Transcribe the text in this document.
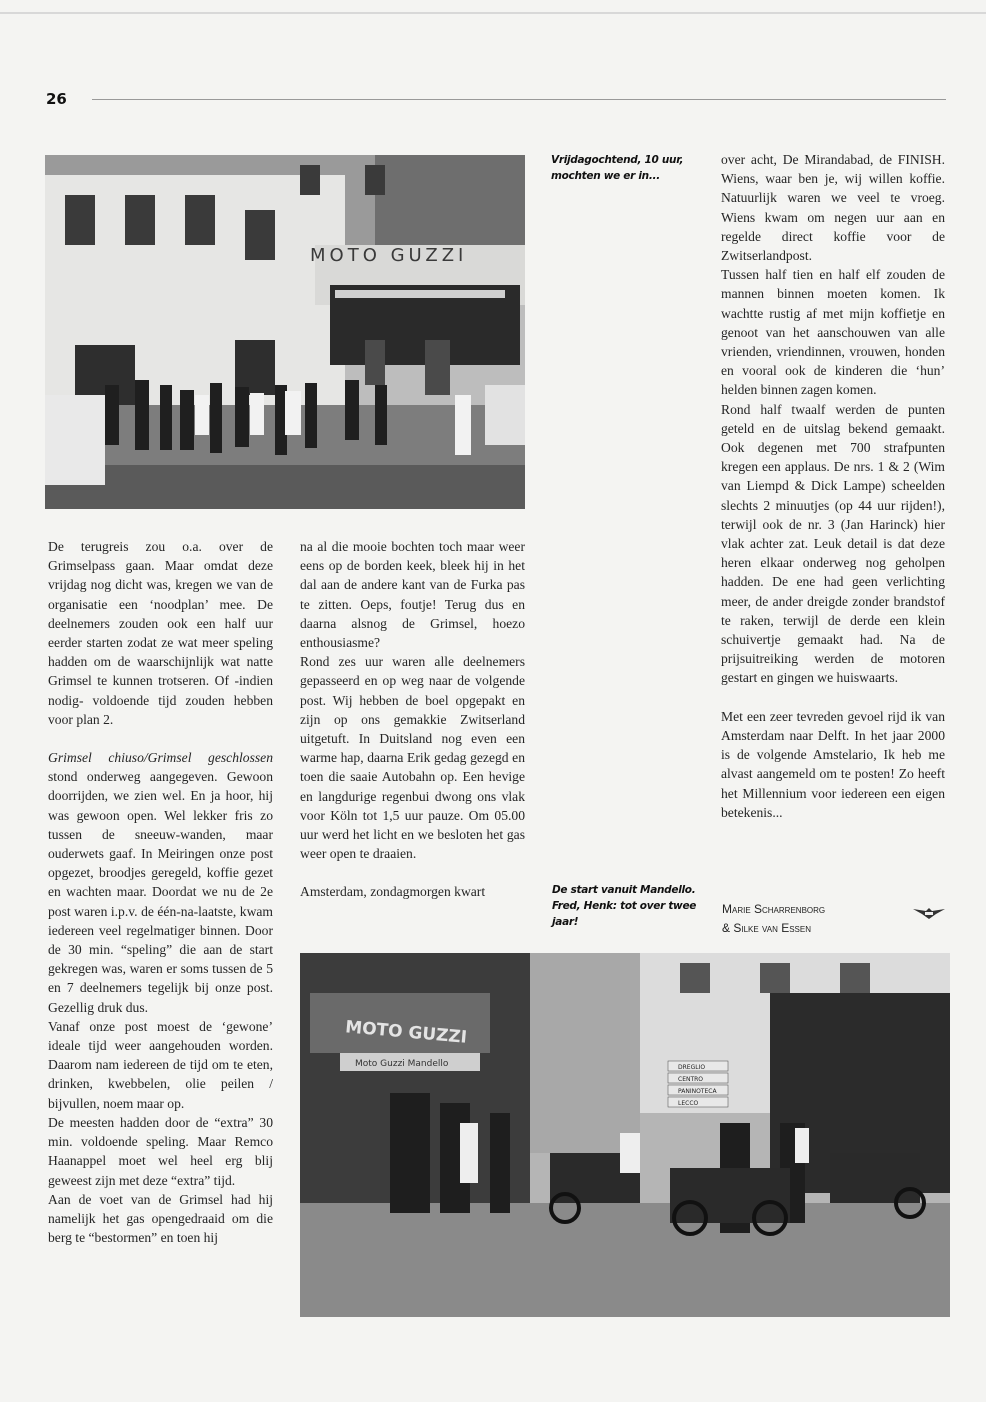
26
MOTO GUZZI
Vrijdagochtend, 10 uur,
mochten we er in...

De terugreis zou o.a. over de Grimselpass gaan. Maar omdat deze vrijdag nog dicht was, kregen we van de organisatie een ‘noodplan’ mee. De deelnemers zouden ook een half uur eerder starten zodat ze wat meer speling hadden om de waarschijnlijk wat natte Grimsel te kunnen trotseren. Of -indien nodig- voldoende tijd zouden hebben voor plan 2.

Grimsel chiuso/Grimsel geschlossen stond onderweg aangegeven. Gewoon doorrijden, we zien wel. En ja hoor, hij was gewoon open. Wel lekker fris zo tussen de sneeuw-wanden, maar ouderwets gaaf. In Meiringen onze post opgezet, broodjes geregeld, koffie gezet en wachten maar. Doordat we nu de 2e post waren i.p.v. de één-na-laatste, kwam iedereen veel regelmatiger binnen. Door de 30 min. “speling” die aan de start gekregen was, waren er soms tussen de 5 en 7 deelnemers tegelijk bij onze post. Gezellig druk dus.

Vanaf onze post moest de ‘gewone’ ideale tijd weer aangehouden worden. Daarom nam iedereen de tijd om te eten, drinken, kwebbelen, olie peilen / bijvullen, noem maar op.

De meesten hadden door de “extra” 30 min. voldoende speling. Maar Remco Haanappel moet wel heel erg blij geweest zijn met deze “extra” tijd.

Aan de voet van de Grimsel had hij namelijk het gas opengedraaid om die berg te “bestormen” en toen hij

na al die mooie bochten toch maar weer eens op de borden keek, bleek hij in het dal aan de andere kant van de Furka pas te zitten. Oeps, foutje! Terug dus en daarna alsnog de Grimsel, hoezo enthousiasme?

Rond zes uur waren alle deelnemers gepasseerd en op weg naar de volgende post. Wij hebben de boel opgepakt en zijn op ons gemakkie Zwitserland uitgetuft. In Duitsland nog even een warme hap, daarna Erik gedag gezegd en toen die saaie Autobahn op. Een hevige en langdurige regenbui dwong ons vlak voor Köln tot 1,5 uur pauze. Om 05.00 uur werd het licht en we besloten het gas weer open te draaien.

Amsterdam, zondagmorgen kwart	De start vanuit Mandello.
Fred, Henk: tot over twee
jaar!

over acht, De Mirandabad, de FINISH. Wiens, waar ben je, wij willen koffie. Natuurlijk waren we veel te vroeg. Wiens kwam om negen uur aan en regelde direct koffie voor de Zwitserlandpost.

Tussen half tien en half elf zouden de mannen binnen moeten komen. Ik wachtte rustig af met mijn koffietje en genoot van het aanschouwen van alle vrienden, vriendinnen, vrouwen, honden en vooral ook de kinderen die ‘hun’ helden binnen zagen komen.

Rond half twaalf werden de punten geteld en de uitslag bekend gemaakt. Ook degenen met 700 strafpunten kregen een applaus. De nrs. 1 & 2 (Wim van Liempd & Dick Lampe) scheelden slechts 2 minuutjes (op 44 uur rijden!), terwijl ook de nr. 3 (Jan Harinck) hier vlak achter zat. Leuk detail is dat deze heren elkaar onderweg nog geholpen hadden. De ene had geen verlichting meer, de ander dreigde zonder brandstof te raken, terwijl de derde een klein schuivertje gemaakt had. Na de prijsuitreiking werden de motoren gestart en gingen we huiswaarts.

Met een zeer tevreden gevoel rijd ik van Amsterdam naar Delft. In het jaar 2000 is de volgende Amstelario, Ik heb me alvast aangemeld om te posten! Zo heeft het Millennium voor iedereen een eigen betekenis...

Marie Scharrenborg
& Silke van Essen
MOTO GUZZI
Moto Guzzi Mandello	DREGLIO
CENTRO
PANINOTECA
LECCO
